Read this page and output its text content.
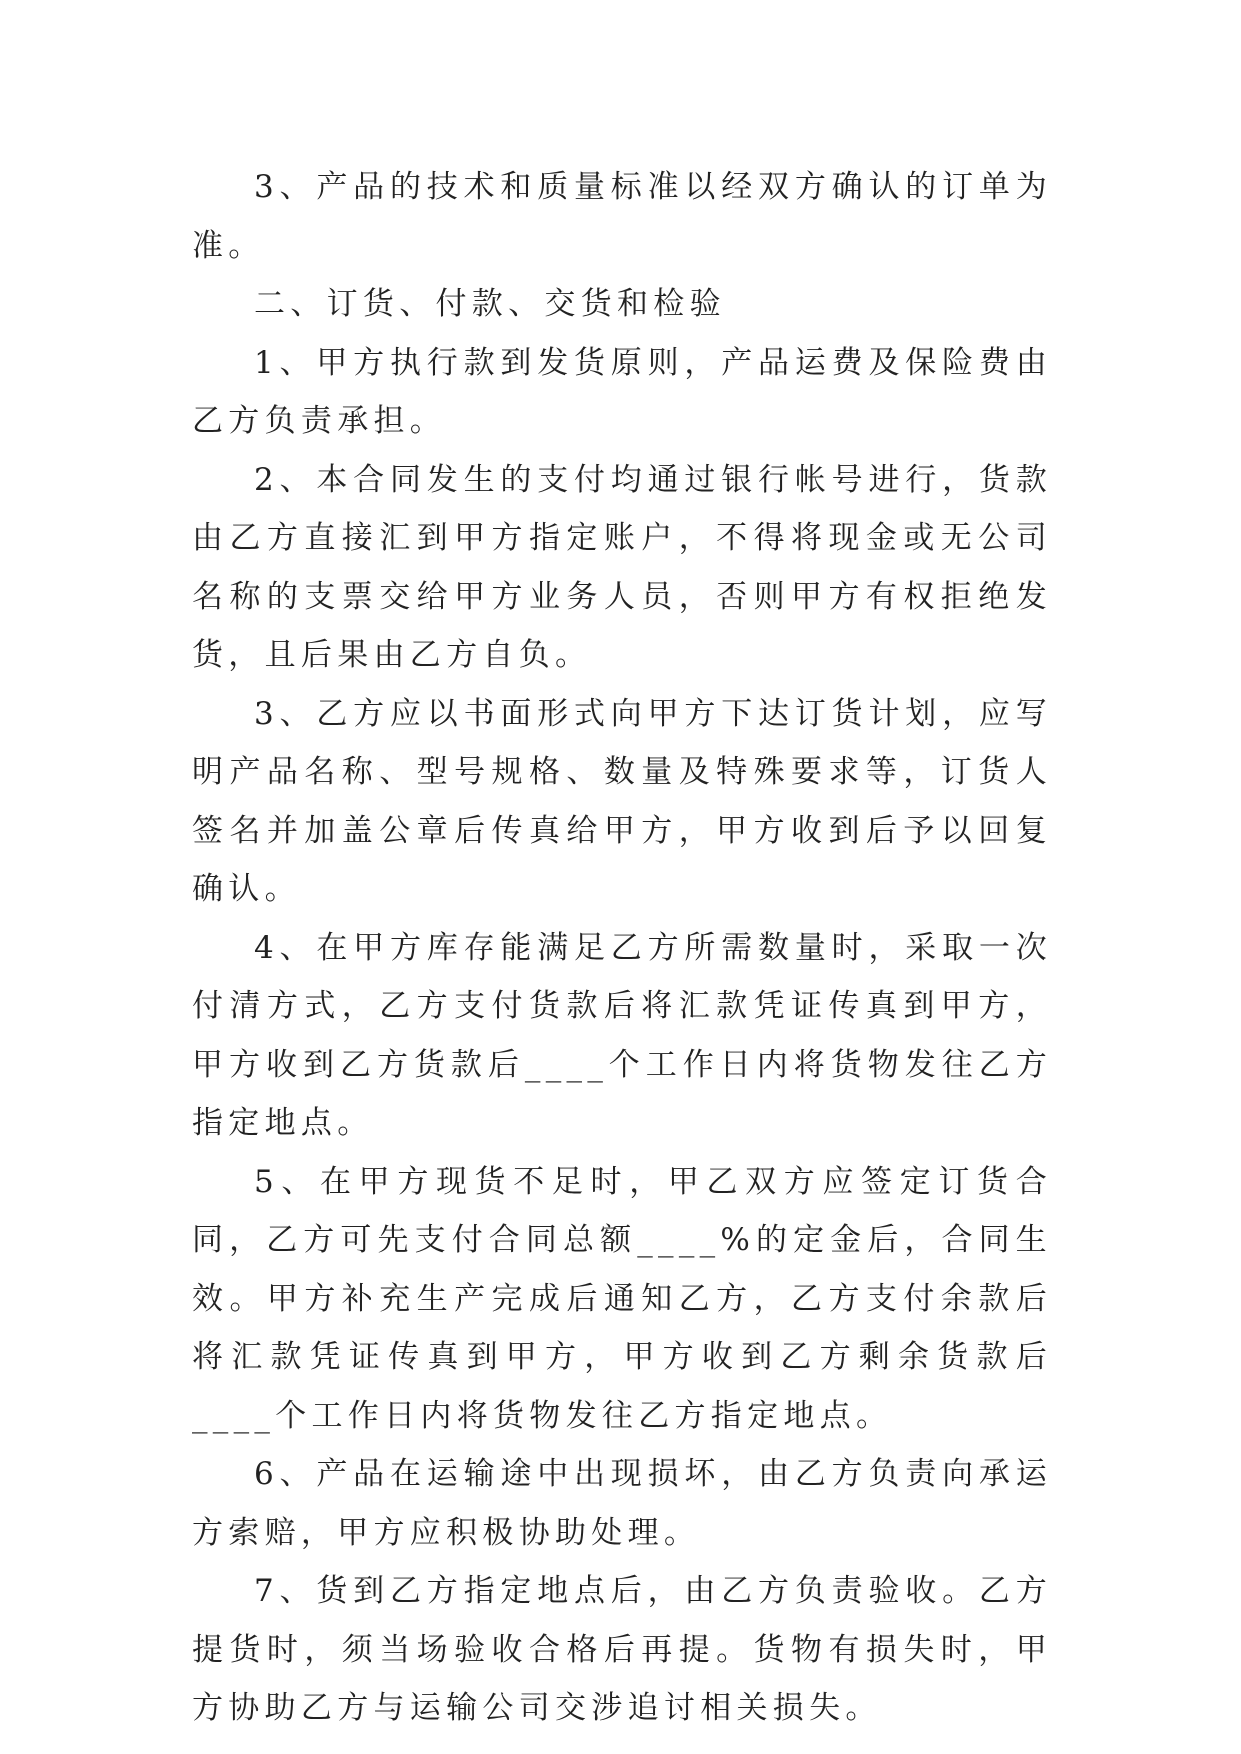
3、产品的技术和质量标准以经双方确认的订单为准。

二、订货、付款、交货和检验

1、甲方执行款到发货原则，产品运费及保险费由乙方负责承担。

2、本合同发生的支付均通过银行帐号进行，货款由乙方直接汇到甲方指定账户，不得将现金或无公司名称的支票交给甲方业务人员，否则甲方有权拒绝发货，且后果由乙方自负。

3、乙方应以书面形式向甲方下达订货计划，应写明产品名称、型号规格、数量及特殊要求等，订货人签名并加盖公章后传真给甲方，甲方收到后予以回复确认。

4、在甲方库存能满足乙方所需数量时，采取一次付清方式，乙方支付货款后将汇款凭证传真到甲方，甲方收到乙方货款后____个工作日内将货物发往乙方指定地点。

5、在甲方现货不足时，甲乙双方应签定订货合同，乙方可先支付合同总额____%的定金后，合同生效。甲方补充生产完成后通知乙方，乙方支付余款后将汇款凭证传真到甲方，甲方收到乙方剩余货款后____个工作日内将货物发往乙方指定地点。

6、产品在运输途中出现损坏，由乙方负责向承运方索赔，甲方应积极协助处理。

7、货到乙方指定地点后，由乙方负责验收。乙方提货时，须当场验收合格后再提。货物有损失时，甲方协助乙方与运输公司交涉追讨相关损失。
